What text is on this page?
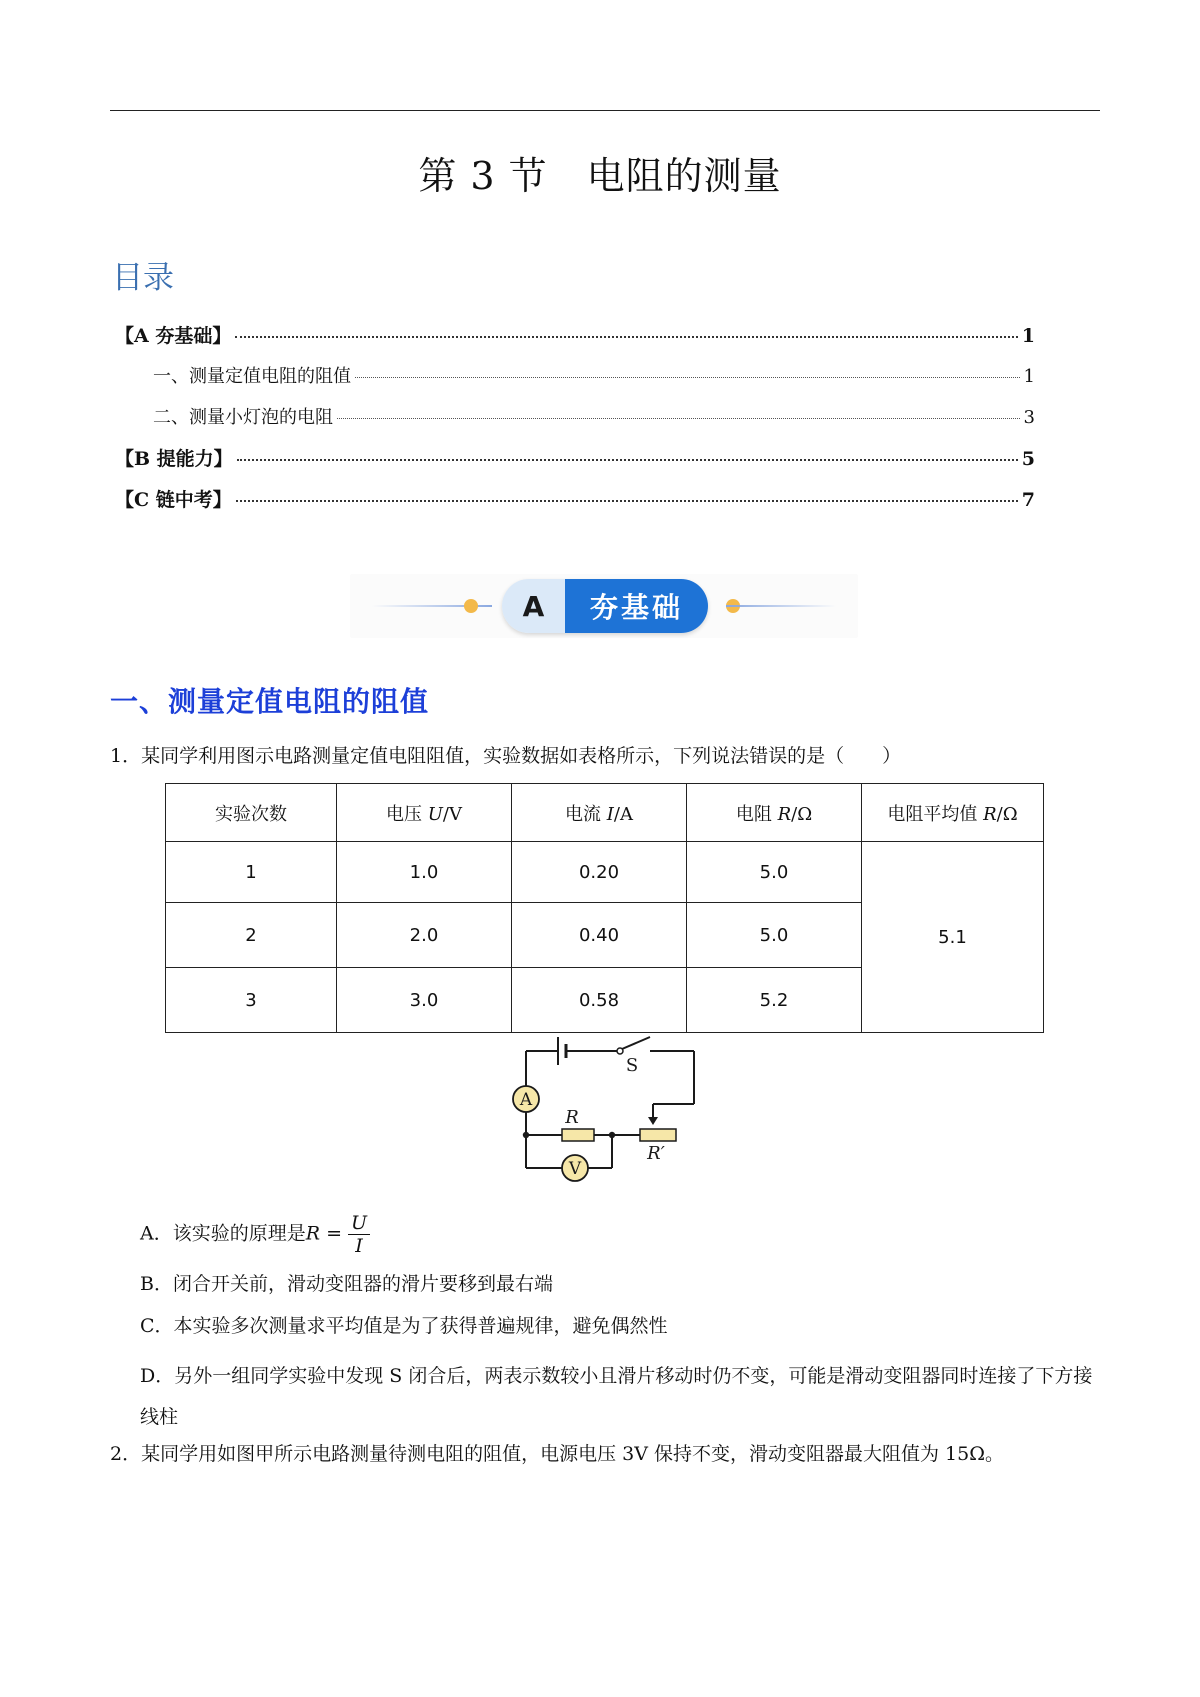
第 3 节　电阻的测量
目录
【A 夯基础】	1
一、测量定值电阻的阻值	1
二、测量小灯泡的电阻	3
【B 提能力】	5
【C 链中考】	7
A	夯基础
一、测量定值电阻的阻值
1．某同学利用图示电路测量定值电阻阻值，实验数据如表格所示，下列说法错误的是（　　）
实验次数	电压 U/V	电流 I/A	电阻 R/Ω	电阻平均值 R/Ω
1	1.0	0.20	5.0	5.1
2	2.0	0.40	5.0	
3	3.0	0.58	5.2	
A
V
S
R
R′
A．该实验的原理是$R = \frac{U}{I}$
B．闭合开关前，滑动变阻器的滑片要移到最右端
C．本实验多次测量求平均值是为了获得普遍规律，避免偶然性
D．另外一组同学实验中发现 S 闭合后，两表示数较小且滑片移动时仍不变，可能是滑动变阻器同时连接了下方接线柱
2．某同学用如图甲所示电路测量待测电阻的阻值，电源电压 3V 保持不变，滑动变阻器最大阻值为 15Ω。
